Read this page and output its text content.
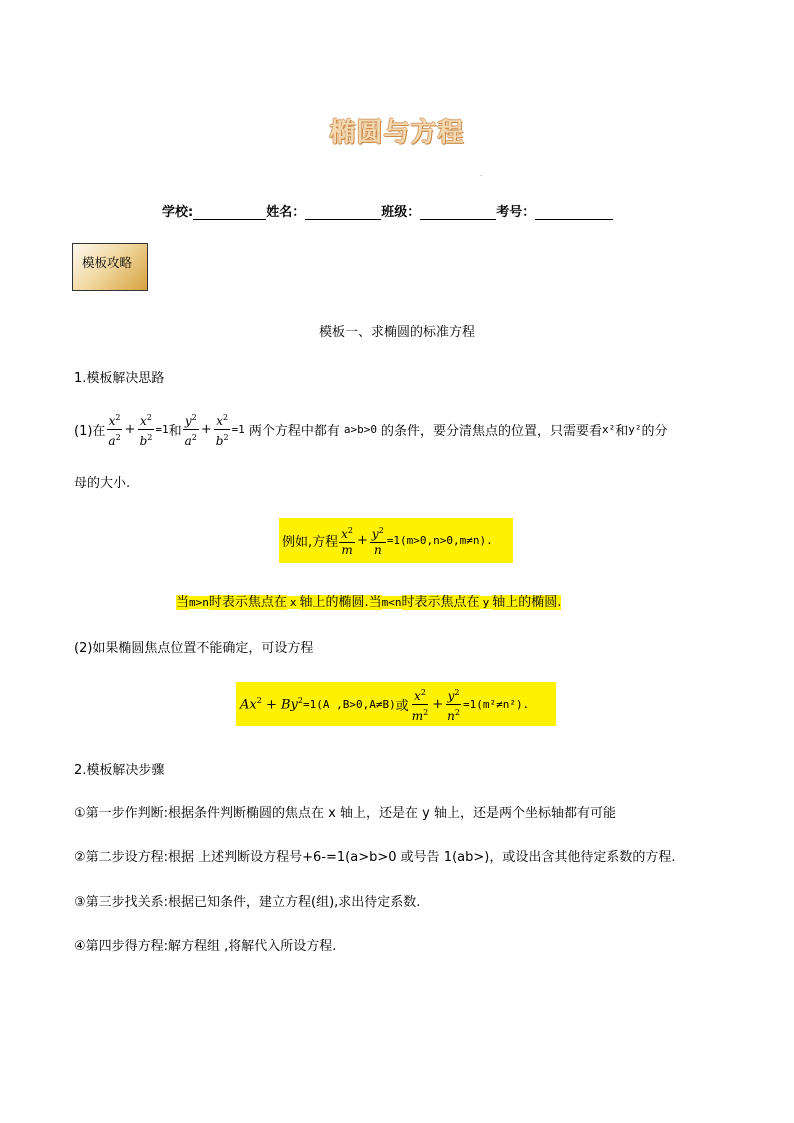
椭圆与方程
·
学校:	姓名：	班级：	考号：
模板攻略
模板一、求椭圆的标准方程
1.模板解决思路
(1)在 $\frac{x^2}{a^2} + \frac{x^2}{b^2} =1$ 和 $\frac{y^2}{a^2} + \frac{x^2}{b^2} =1$ 两个方程中都有 a>b>0 的条件，要分清焦点的位置，只需要看 x² 和 y² 的分
母的大小.
例如,方程 $\frac{x^2}{m} + \frac{y^2}{n} =1$ (m>0,n>0,m≠n).
当m>n时表示焦点在 x 轴上的椭圆.当m<n时表示焦点在 y 轴上的椭圆.
(2)如果椭圆焦点位置不能确定，可设方程
$Ax^2 + By^2 =1$ (A ,B>0,A≠B) 或 $\frac{x^2}{m^2} + \frac{y^2}{n^2} =1$ (m²≠n²).
2.模板解决步骤
①第一步作判断:根据条件判断椭圆的焦点在 x 轴上，还是在 y 轴上，还是两个坐标轴都有可能
②第二步设方程:根据 上述判断设方程号+6-=1(a>b>0 或号告 1(ab>)，或设出含其他待定系数的方程.
③第三步找关系:根据已知条件，建立方程(组),求出待定系数.
④第四步得方程:解方程组 ,将解代入所设方程.
